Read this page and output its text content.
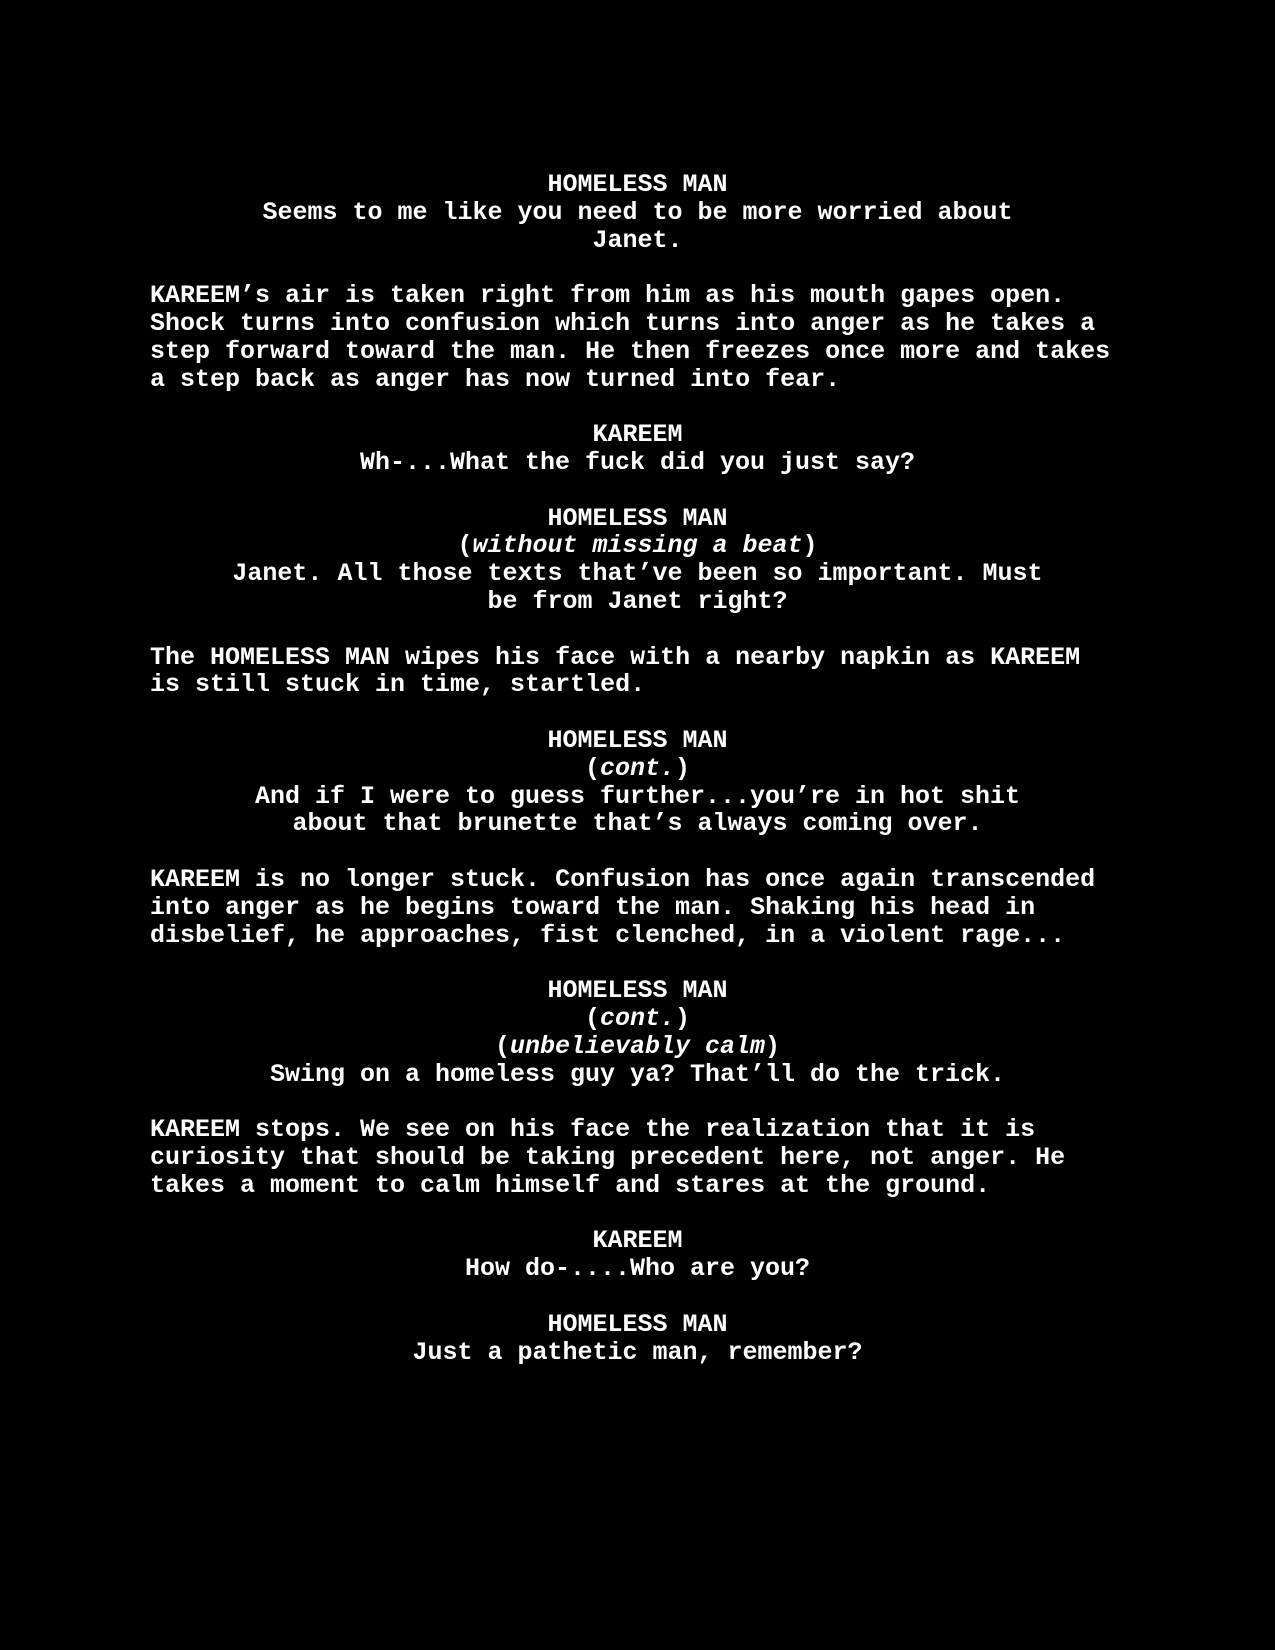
HOMELESS MAN
Seems to me like you need to be more worried about
Janet.
KAREEM’s air is taken right from him as his mouth gapes open.
Shock turns into confusion which turns into anger as he takes a
step forward toward the man. He then freezes once more and takes
a step back as anger has now turned into fear.
KAREEM
Wh-...What the fuck did you just say?
HOMELESS MAN
(without missing a beat)
Janet. All those texts that’ve been so important. Must
be from Janet right?
The HOMELESS MAN wipes his face with a nearby napkin as KAREEM
is still stuck in time, startled.
HOMELESS MAN
(cont.)
And if I were to guess further...you’re in hot shit
about that brunette that’s always coming over.
KAREEM is no longer stuck. Confusion has once again transcended
into anger as he begins toward the man. Shaking his head in
disbelief, he approaches, fist clenched, in a violent rage...
HOMELESS MAN
(cont.)
(unbelievably calm)
Swing on a homeless guy ya? That’ll do the trick.
KAREEM stops. We see on his face the realization that it is
curiosity that should be taking precedent here, not anger. He
takes a moment to calm himself and stares at the ground.
KAREEM
How do-....Who are you?
HOMELESS MAN
Just a pathetic man, remember?
